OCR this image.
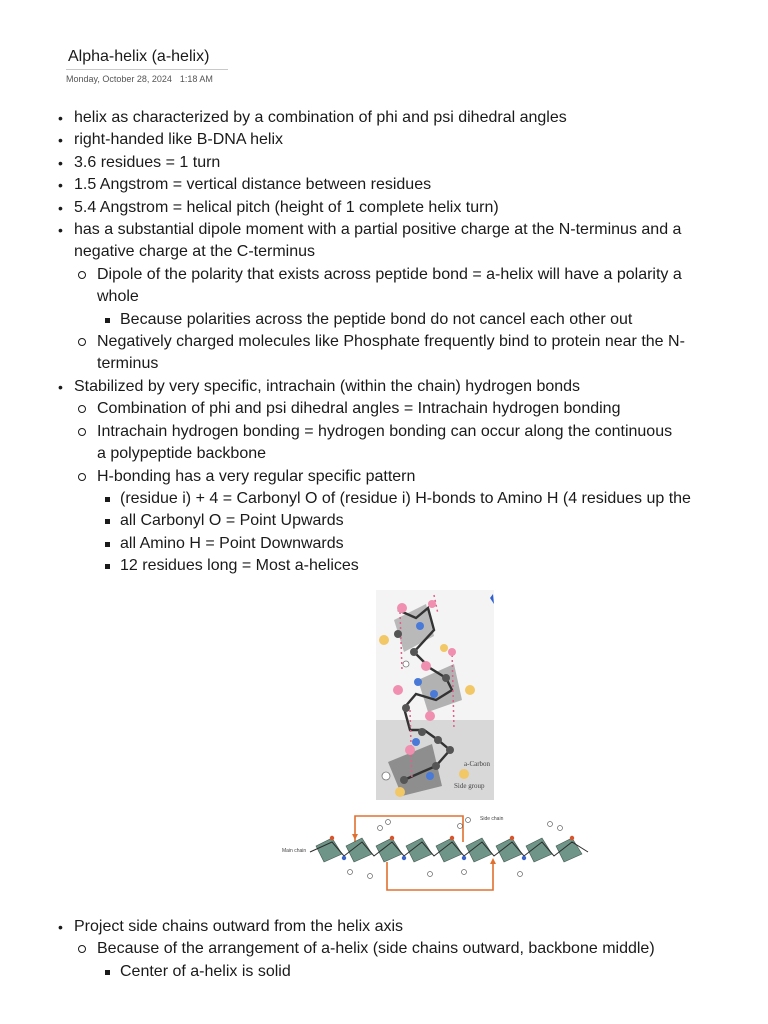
Alpha-helix (a-helix)
Monday, October 28, 2024 1:18 AM
• helix as characterized by a combination of phi and psi dihedral angles
• right-handed like B-DNA helix
• 3.6 residues = 1 turn
• 1.5 Angstrom = vertical distance between residues
• 5.4 Angstrom = helical pitch (height of 1 complete helix turn)
• has a substantial dipole moment with a partial positive charge at the N-terminus and a
negative charge at the C-terminus
Dipole of the polarity that exists across peptide bond = a-helix will have a polarity a
whole
Because polarities across the peptide bond do not cancel each other out
Negatively charged molecules like Phosphate frequently bind to protein near the N-
terminus
• Stabilized by very specific, intrachain (within the chain) hydrogen bonds
Combination of phi and psi dihedral angles = Intrachain hydrogen bonding
Intrachain hydrogen bonding = hydrogen bonding can occur along the continuous
a polypeptide backbone
H-bonding has a very regular specific pattern
(residue i) + 4 = Carbonyl O of (residue i) H-bonds to Amino H (4 residues up the
all Carbonyl O = Point Upwards
all Amino H = Point Downwards
12 residues long = Most a-helices
a-Carbon
Side group
Main chain
Side chain
• Project side chains outward from the helix axis
Because of the arrangement of a-helix (side chains outward, backbone middle)
Center of a-helix is solid
